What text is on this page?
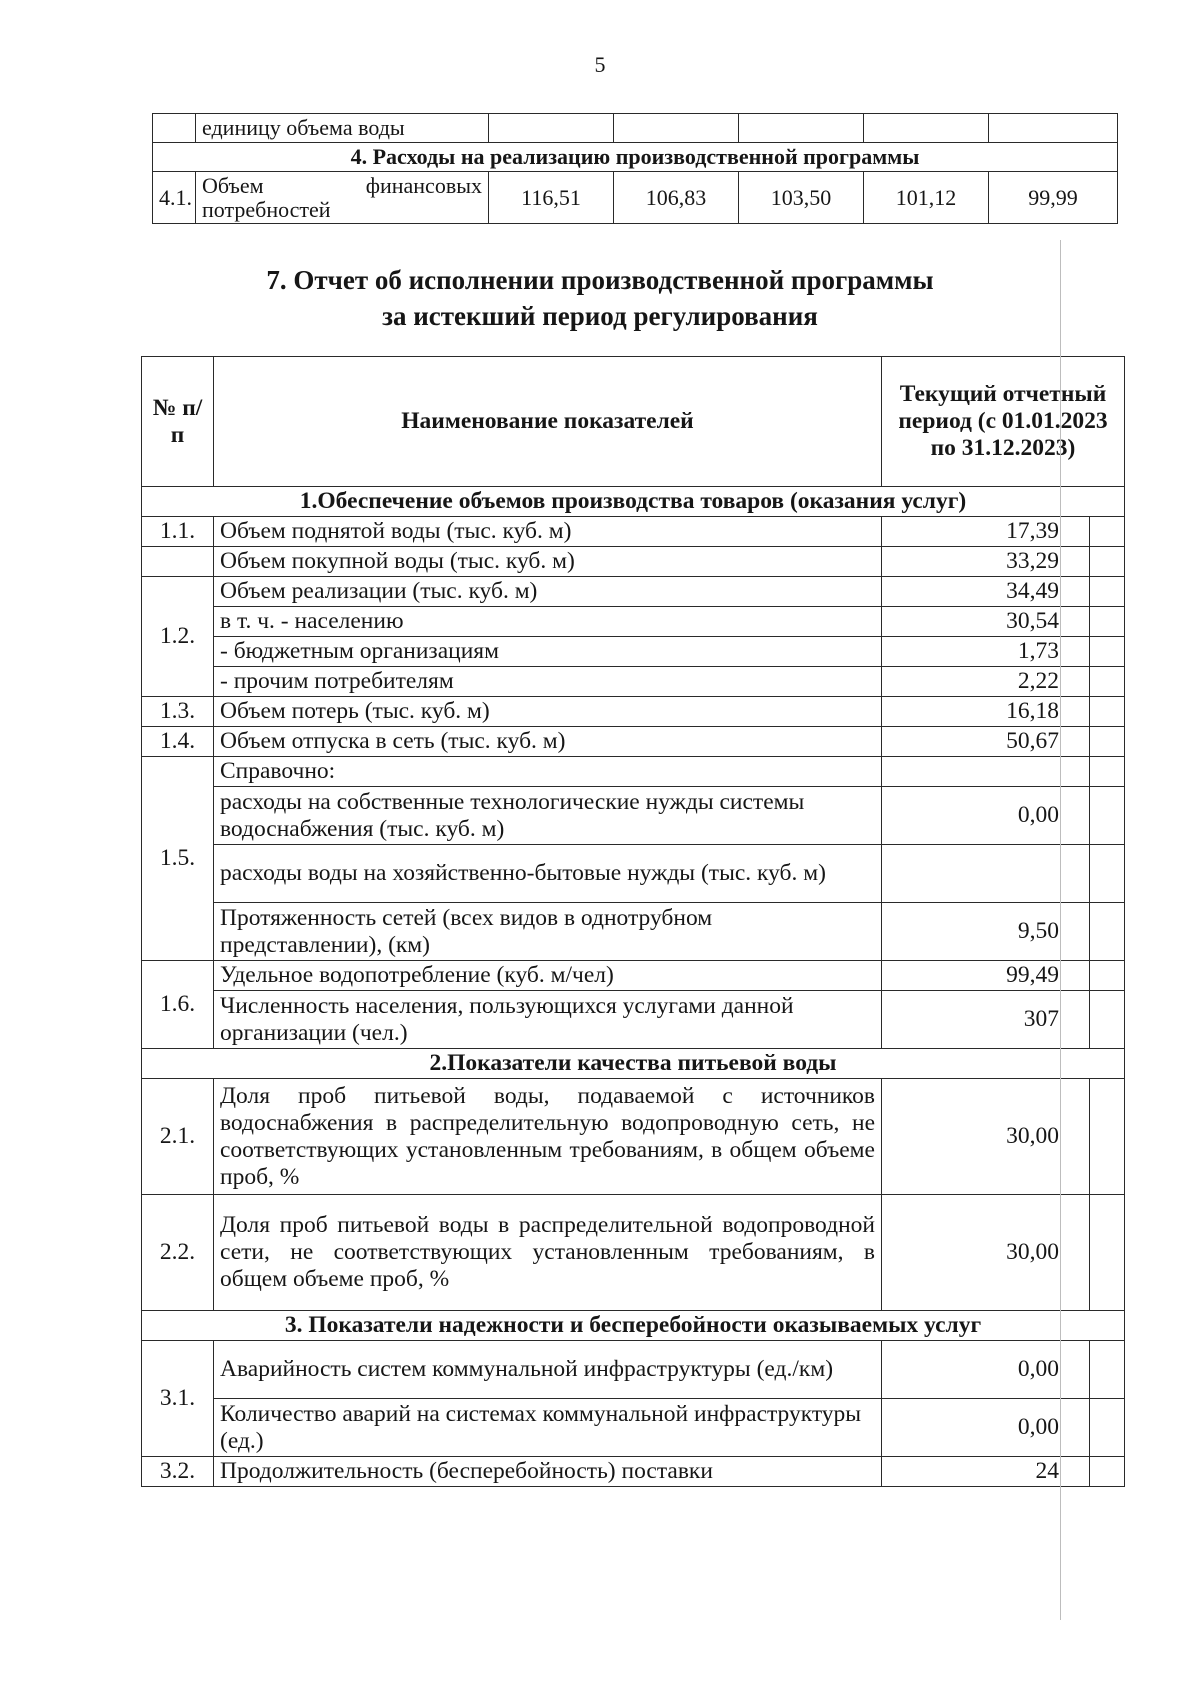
5
	единицу объема воды					
4. Расходы на реализацию производственной программы						
4.1.	Объем финансовых потребностей	116,51	106,83	103,50	101,12	99,99
7. Отчет об исполнении производственной программы
за истекший период регулирования
№ п/п	Наименование показателей	Текущий отчетный период (с 01.01.2023 по 31.12.2023)	
1.Обеспечение объемов производства товаров (оказания услуг)			
1.1.	Объем поднятой воды (тыс. куб. м)	17,39	
	Объем покупной воды (тыс. куб. м)	33,29	
1.2.	Объем реализации (тыс. куб. м)	34,49	
	в т. ч. - населению	30,54	
	- бюджетным организациям	1,73	
	- прочим потребителям	2,22	
1.3.	Объем потерь (тыс. куб. м)	16,18	
1.4.	Объем отпуска в сеть (тыс. куб. м)	50,67	
1.5.	Справочно:		
	расходы на собственные технологические нужды системы водоснабжения (тыс. куб. м)	0,00	
	расходы воды на хозяйственно-бытовые нужды (тыс. куб. м)		
	Протяженность сетей (всех видов в однотрубном представлении), (км)	9,50	
1.6.	Удельное водопотребление (куб. м/чел)	99,49	
	Численность населения, пользующихся услугами данной организации (чел.)	307	
2.Показатели качества питьевой воды			
2.1.	Доля проб питьевой воды, подаваемой с источников водоснабжения в распределительную водопроводную сеть, не соответствующих установленным требованиям, в общем объеме проб, %	30,00	
2.2.	Доля проб питьевой воды в распределительной водопроводной сети, не соответствующих установленным требованиям, в общем объеме проб, %	30,00	
3. Показатели надежности и бесперебойности оказываемых услуг			
3.1.	Аварийность систем коммунальной инфраструктуры (ед./км)	0,00	
	Количество аварий на системах коммунальной инфраструктуры (ед.)	0,00	
3.2.	Продолжительность (бесперебойность) поставки	24	
